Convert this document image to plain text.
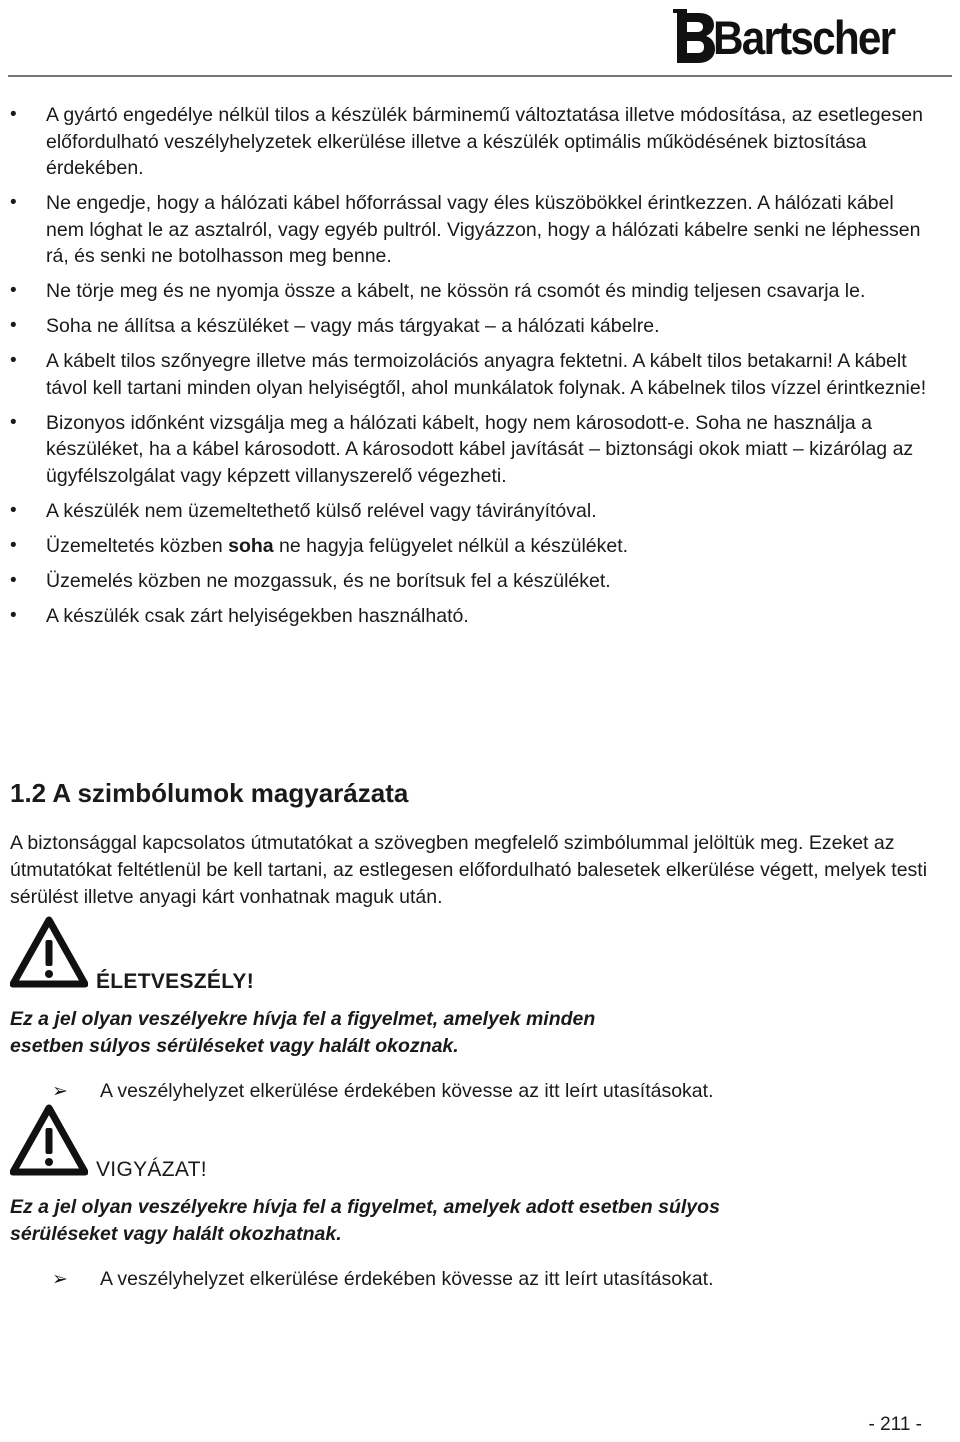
Bartscher
• A gyártó engedélye nélkül tilos a készülék bárminemű változtatása illetve módosítása, az esetlegesen előfordulható veszélyhelyzetek elkerülése illetve a készülék optimális működésének biztosítása érdekében.
• Ne engedje, hogy a hálózati kábel hőforrással vagy éles küszöbökkel érintkezzen. A hálózati kábel nem lóghat le az asztalról, vagy egyéb pultról. Vigyázzon, hogy a hálózati kábelre senki ne léphessen rá, és senki ne botolhasson meg benne.
• Ne törje meg és ne nyomja össze a kábelt, ne kössön rá csomót és mindig teljesen csavarja le.
• Soha ne állítsa a készüléket – vagy más tárgyakat – a hálózati kábelre.
• A kábelt tilos szőnyegre illetve más termoizolációs anyagra fektetni. A kábelt tilos betakarni! A kábelt távol kell tartani minden olyan helyiségtől, ahol munkálatok folynak. A kábelnek tilos vízzel érintkeznie!
• Bizonyos időnként vizsgálja meg a hálózati kábelt, hogy nem károsodott-e. Soha ne használja a készüléket, ha a kábel károsodott. A károsodott kábel javítását – biztonsági okok miatt – kizárólag az ügyfélszolgálat vagy képzett villanyszerelő végezheti.
• A készülék nem üzemeltethető külső relével vagy távirányítóval.
• Üzemeltetés közben soha ne hagyja felügyelet nélkül a készüléket.
• Üzemelés közben ne mozgassuk, és ne borítsuk fel a készüléket.
• A készülék csak zárt helyiségekben használható.
1.2 A szimbólumok magyarázata

A biztonsággal kapcsolatos útmutatókat a szövegben megfelelő szimbólummal jelöltük meg. Ezeket az útmutatókat feltétlenül be kell tartani, az estlegesen előfordulható balesetek elkerülése végett, melyek testi sérülést illetve anyagi kárt vonhatnak maguk után.

ÉLETVESZÉLY!

Ez a jel olyan veszélyekre hívja fel a figyelmet, amelyek minden
esetben súlyos sérüléseket vagy halált okoznak.

➢ A veszélyhelyzet elkerülése érdekében kövesse az itt leírt utasításokat.
VIGYÁZAT!

Ez a jel olyan veszélyekre hívja fel a figyelmet, amelyek adott esetben súlyos
sérüléseket vagy halált okozhatnak.

➢ A veszélyhelyzet elkerülése érdekében kövesse az itt leírt utasításokat.
- 211 -
